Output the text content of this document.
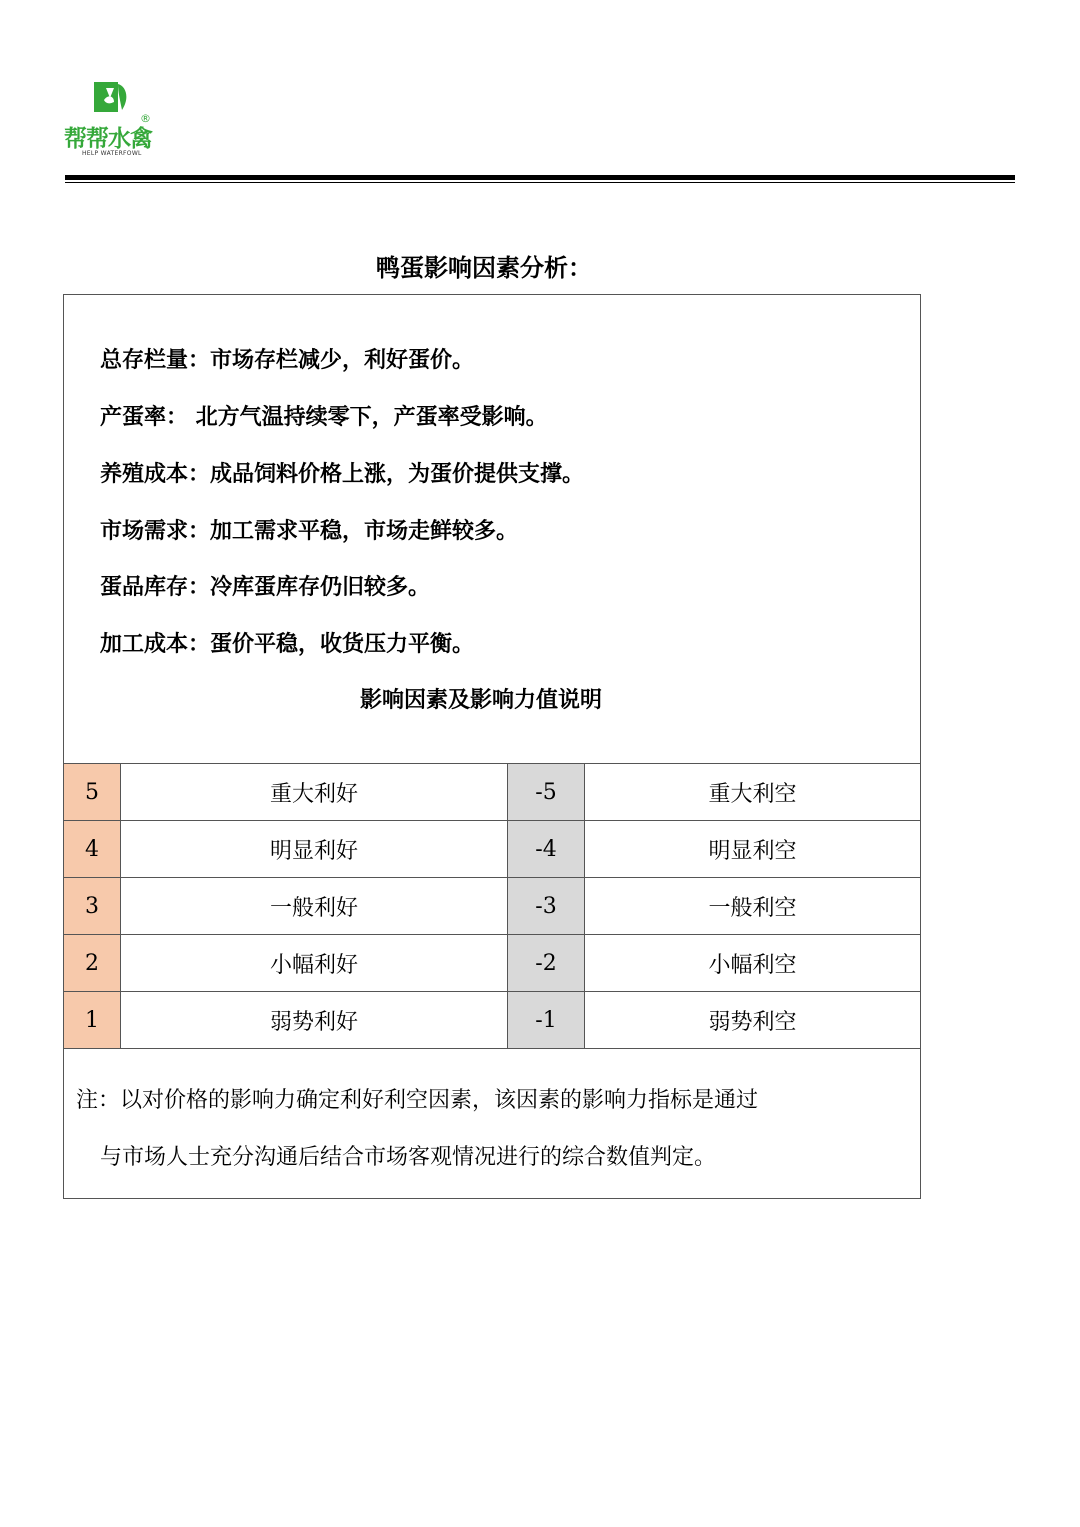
®
帮帮水禽
HELP WATERFOWL
鸭蛋影响因素分析：
总存栏量：市场存栏减少，利好蛋价。
产蛋率： 北方气温持续零下，产蛋率受影响。
养殖成本：成品饲料价格上涨，为蛋价提供支撑。
市场需求：加工需求平稳，市场走鲜较多。
蛋品库存：冷库蛋库存仍旧较多。
加工成本：蛋价平稳，收货压力平衡。
影响因素及影响力值说明
5	重大利好	-5	重大利空
4	明显利好	-4	明显利空
3	一般利好	-3	一般利空
2	小幅利好	-2	小幅利空
1	弱势利好	-1	弱势利空
注：以对价格的影响力确定利好利空因素，该因素的影响力指标是通过
与市场人士充分沟通后结合市场客观情况进行的综合数值判定。
